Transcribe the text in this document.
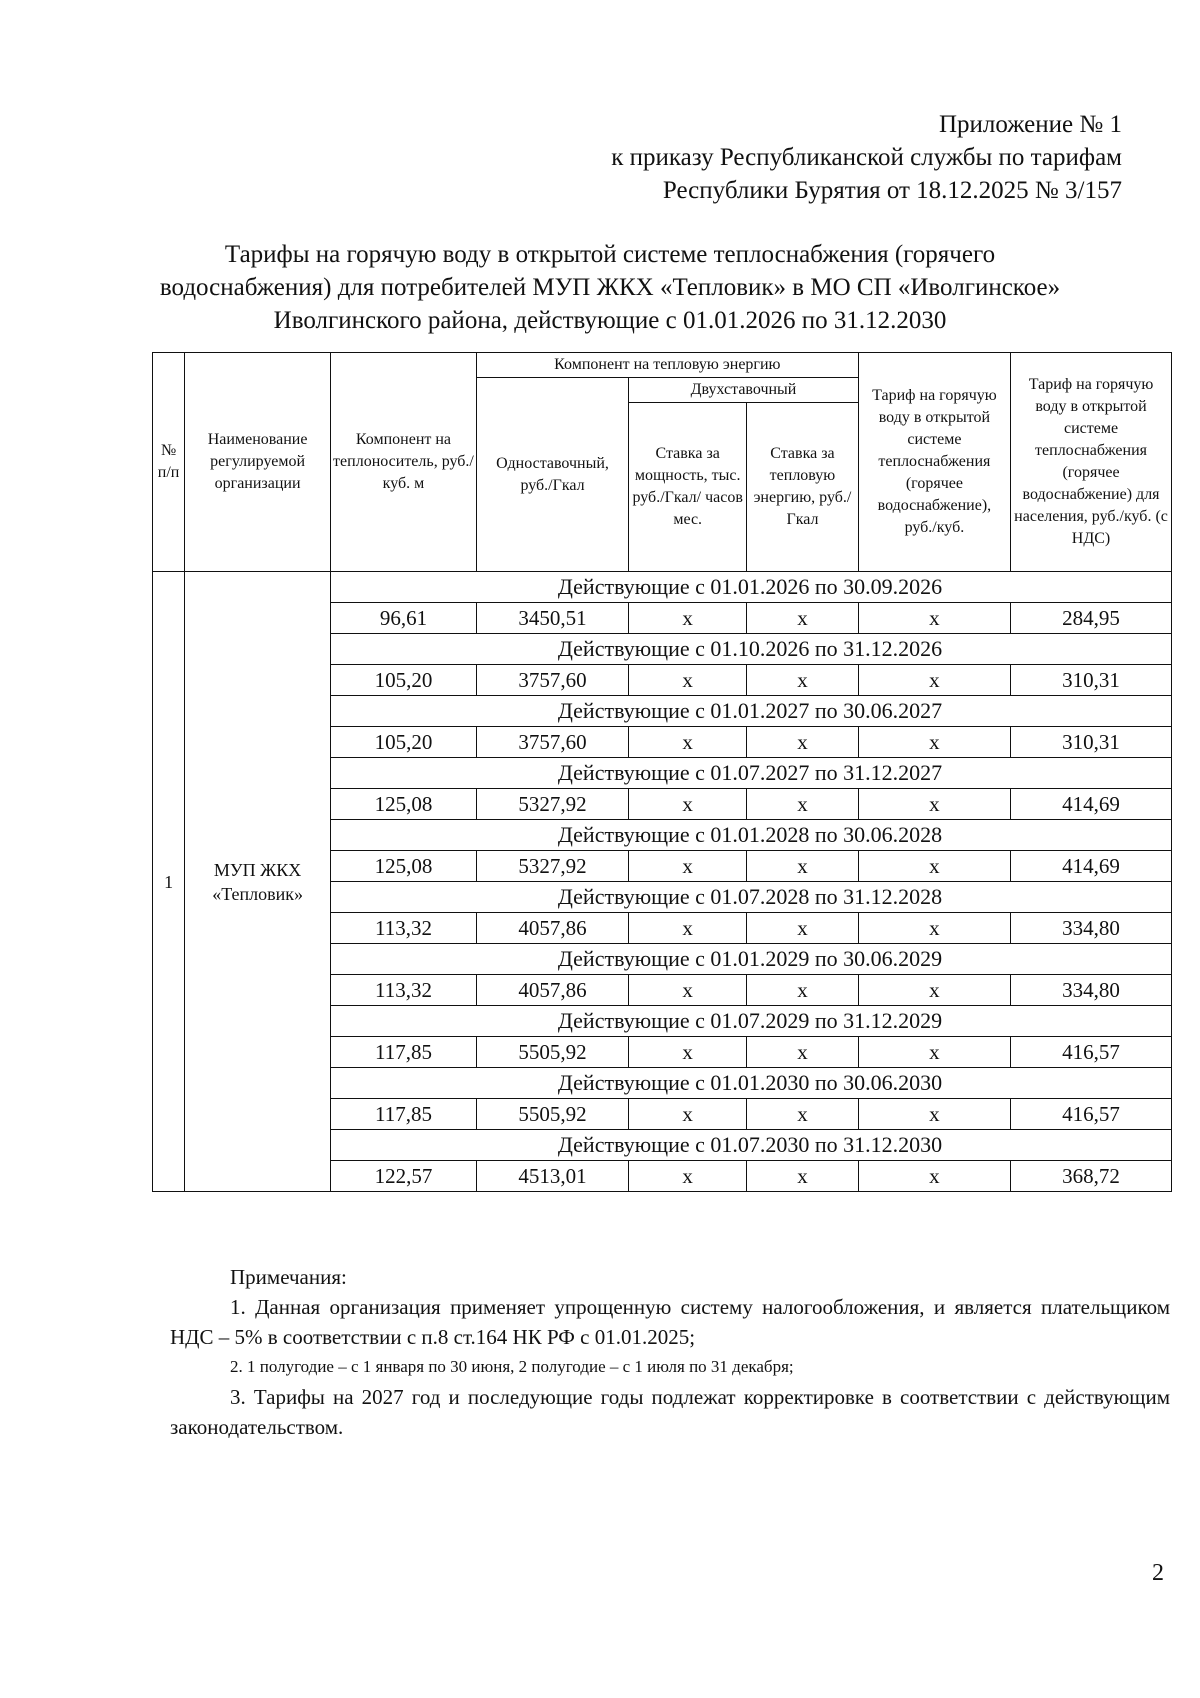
Приложение № 1
к приказу Республиканской службы по тарифам
Республики Бурятия от 18.12.2025 № 3/157
Тарифы на горячую воду в открытой системе теплоснабжения (горячего
водоснабжения) для потребителей МУП ЖКХ «Тепловик» в МО СП «Иволгинское»
Иволгинского района, действующие с 01.01.2026 по 31.12.2030
№ п/п	Наименование регулируемой организации	Компонент на теплоноситель, руб./куб. м	Компонент на тепловую энергию			Тариф на горячую воду в открытой системе теплоснабжения (горячее водоснабжение), руб./куб.	Тариф на горячую воду в открытой системе теплоснабжения (горячее водоснабжение) для населения, руб./куб. (с НДС)
			Одноставочный, руб./Гкал	Двухставочный			
				Ставка за мощность, тыс. руб./Гкал/ часов мес.	Ставка за тепловую энергию, руб./Гкал		
1	МУП ЖКХ «Тепловик»	Действующие с 01.01.2026 по 30.09.2026					
		96,61	3450,51	х	х	х	284,95
		Действующие с 01.10.2026 по 31.12.2026					
		105,20	3757,60	х	х	х	310,31
		Действующие с 01.01.2027 по 30.06.2027					
		105,20	3757,60	х	х	х	310,31
		Действующие с 01.07.2027 по 31.12.2027					
		125,08	5327,92	х	х	х	414,69
		Действующие с 01.01.2028 по 30.06.2028					
		125,08	5327,92	х	х	х	414,69
		Действующие с 01.07.2028 по 31.12.2028					
		113,32	4057,86	х	х	х	334,80
		Действующие с 01.01.2029 по 30.06.2029					
		113,32	4057,86	х	х	х	334,80
		Действующие с 01.07.2029 по 31.12.2029					
		117,85	5505,92	х	х	х	416,57
		Действующие с 01.01.2030 по 30.06.2030					
		117,85	5505,92	х	х	х	416,57
		Действующие с 01.07.2030 по 31.12.2030					
		122,57	4513,01	х	х	х	368,72
Примечания:
1. Данная организация применяет упрощенную систему налогообложения, и является плательщиком НДС – 5% в соответствии с п.8 ст.164 НК РФ с 01.01.2025;
2. 1 полугодие – с 1 января по 30 июня, 2 полугодие – с 1 июля по 31 декабря;
3. Тарифы на 2027 год и последующие годы подлежат корректировке в соответствии с действующим законодательством.
2
